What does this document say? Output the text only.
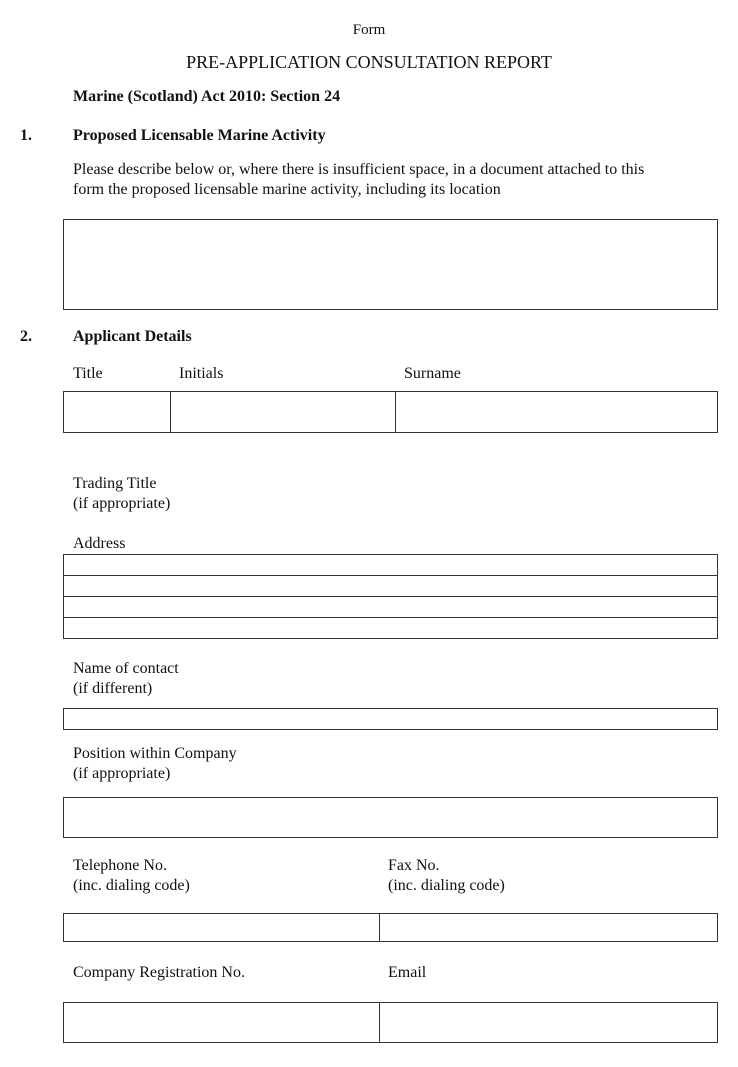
Form
PRE-APPLICATION CONSULTATION REPORT
Marine (Scotland) Act 2010: Section 24
1.	Proposed Licensable Marine Activity
Please describe below or, where there is insufficient space, in a document attached to this
form the proposed licensable marine activity, including its location
2.	Applicant Details
Title	Initials	Surname
Trading Title
(if appropriate)
Address
Name of contact
(if different)
Position within Company
(if appropriate)
Telephone No.
(inc. dialing code)
Fax No.
(inc. dialing code)
Company Registration No.	Email
